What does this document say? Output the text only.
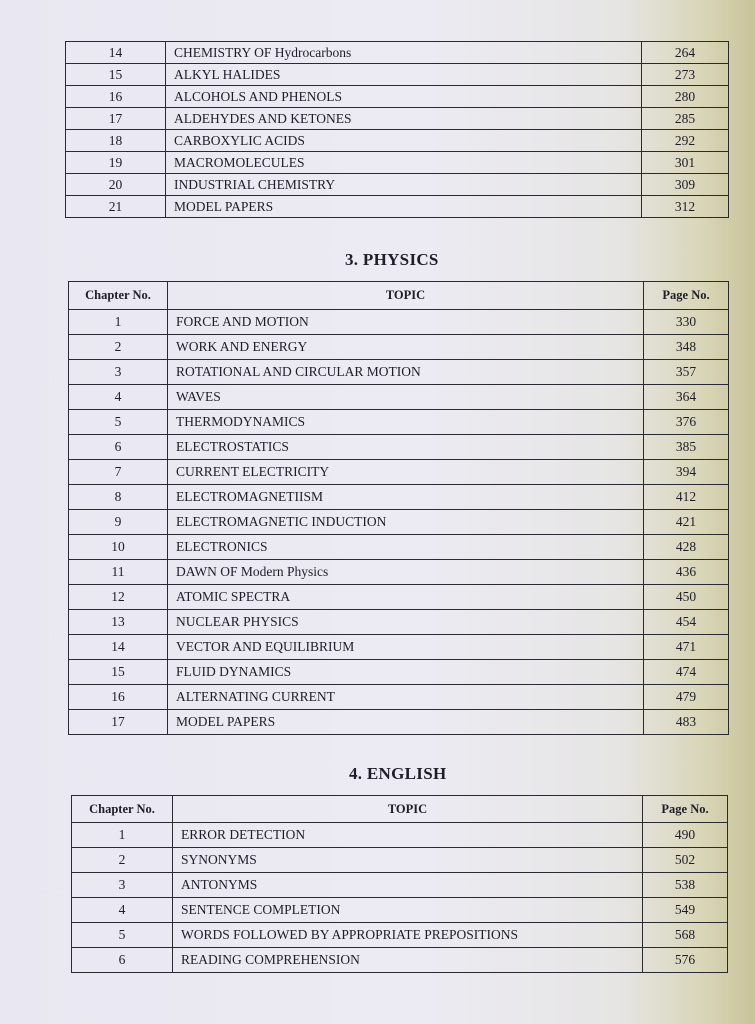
14	CHEMISTRY OF Hydrocarbons	264
15	ALKYL HALIDES	273
16	ALCOHOLS AND PHENOLS	280
17	ALDEHYDES AND KETONES	285
18	CARBOXYLIC ACIDS	292
19	MACROMOLECULES	301
20	INDUSTRIAL CHEMISTRY	309
21	MODEL PAPERS	312
3. PHYSICS
Chapter No.	TOPIC	Page No.
1	FORCE AND MOTION	330
2	WORK AND ENERGY	348
3	ROTATIONAL AND CIRCULAR MOTION	357
4	WAVES	364
5	THERMODYNAMICS	376
6	ELECTROSTATICS	385
7	CURRENT ELECTRICITY	394
8	ELECTROMAGNETIISM	412
9	ELECTROMAGNETIC INDUCTION	421
10	ELECTRONICS	428
11	DAWN OF Modern Physics	436
12	ATOMIC SPECTRA	450
13	NUCLEAR PHYSICS	454
14	VECTOR AND EQUILIBRIUM	471
15	FLUID DYNAMICS	474
16	ALTERNATING CURRENT	479
17	MODEL PAPERS	483
4. ENGLISH
Chapter No.	TOPIC	Page No.
1	ERROR DETECTION	490
2	SYNONYMS	502
3	ANTONYMS	538
4	SENTENCE COMPLETION	549
5	WORDS FOLLOWED BY APPROPRIATE PREPOSITIONS	568
6	READING COMPREHENSION	576
